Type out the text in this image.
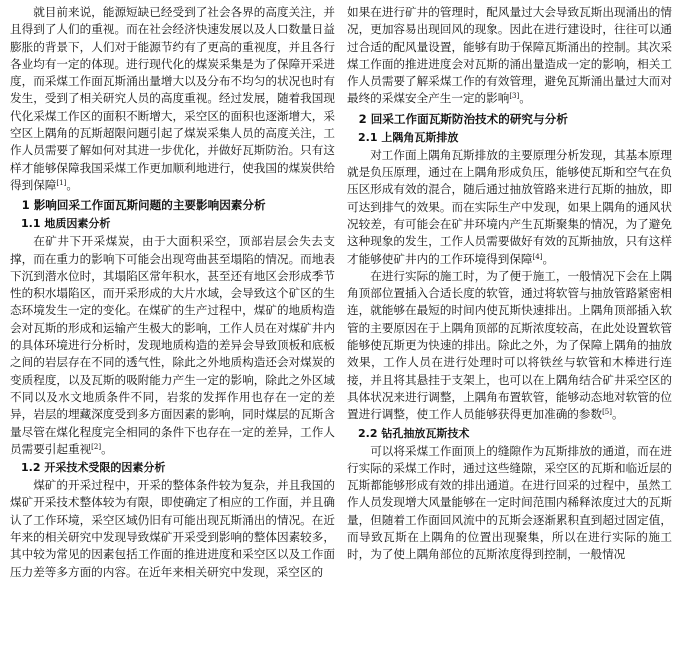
就目前来说，能源短缺已经受到了社会各界的高度关注，并且得到了人们的重视。而在社会经济快速发展以及人口数量日益膨胀的背景下，人们对于能源节约有了更高的重视度，并且各行各业均有一定的体现。进行现代化的煤炭采集是为了保障开采进度，而采煤工作面瓦斯涌出量增大以及分布不均匀的状况也时有发生，受到了相关研究人员的高度重视。经过发展，随着我国现代化采煤工作区的面积不断增大，采空区的面积也逐渐增大，采空区上隅角的瓦斯超限问题引起了煤炭采集人员的高度关注，工作人员需要了解如何对其进一步优化，并做好瓦斯防治。只有这样才能够保障我国采煤工作更加顺利地进行，使我国的煤炭供给得到保障[1]。

1 影响回采工作面瓦斯问题的主要影响因素分析
1.1 地质因素分析

在矿井下开采煤炭，由于大面积采空，顶部岩层会失去支撑，而在重力的影响下可能会出现弯曲甚至塌陷的情况。而地表下沉到潜水位时，其塌陷区常年积水，甚至还有地区会形成季节性的积水塌陷区，而开采形成的大片水域，会导致这个矿区的生态环境发生一定的变化。在煤矿的生产过程中，煤矿的地质构造会对瓦斯的形成和运输产生极大的影响，工作人员在对煤矿井内的具体环境进行分析时，发现地质构造的差异会导致顶板和底板之间的岩层存在不同的透气性，除此之外地质构造还会对煤炭的变质程度，以及瓦斯的吸附能力产生一定的影响，除此之外区域不同以及水文地质条件不同，岩浆的发挥作用也存在一定的差异，岩层的埋藏深度受到多方面因素的影响，同时煤层的瓦斯含量尽管在煤化程度完全相同的条件下也存在一定的差异，工作人员需要引起重视[2]。

1.2 开采技术受限的因素分析

煤矿的开采过程中，开采的整体条件较为复杂，并且我国的煤矿开采技术整体较为有限，即使确定了相应的工作面，并且确认了工作环境，采空区域仍旧有可能出现瓦斯涌出的情况。在近年来的相关研究中发现导致煤矿开采受到影响的整体因素较多，其中较为常见的因素包括工作面的推进进度和采空区以及工作面压力差等多方面的内容。在近年来相关研究中发现，采空区的

如果在进行矿井的管理时，配风量过大会导致瓦斯出现涌出的情况，更加容易出现回风的现象。因此在进行建设时，往往可以通过合适的配风量设置，能够有助于保障瓦斯涌出的控制。其次采煤工作面的推进进度会对瓦斯的涌出量造成一定的影响，相关工作人员需要了解采煤工作的有效管理，避免瓦斯涌出量过大而对最终的采煤安全产生一定的影响[3]。

2 回采工作面瓦斯防治技术的研究与分析
2.1 上隅角瓦斯排放

对工作面上隅角瓦斯排放的主要原理分析发现，其基本原理就是负压原理，通过在上隅角形成负压，能够使瓦斯和空气在负压区形成有效的混合，随后通过抽放管路来进行瓦斯的抽放，即可达到排气的效果。而在实际生产中发现，如果上隅角的通风状况较差，有可能会在矿井环境内产生瓦斯聚集的情况，为了避免这种现象的发生，工作人员需要做好有效的瓦斯抽放，只有这样才能够使矿井内的工作环境得到保障[4]。

在进行实际的施工时，为了便于施工，一般情况下会在上隅角顶部位置插入合适长度的软管，通过将软管与抽放管路紧密相连，就能够在最短的时间内使瓦斯快速排出。上隅角顶部插入软管的主要原因在于上隅角顶部的瓦斯浓度较高，在此处设置软管能够使瓦斯更为快速的排出。除此之外，为了保障上隅角的抽放效果，工作人员在进行处理时可以将铁丝与软管和木棒进行连接，并且将其悬挂于支架上，也可以在上隅角结合矿井采空区的具体状况来进行调整，上隅角布置软管，能够动态地对软管的位置进行调整，使工作人员能够获得更加准确的参数[5]。

2.2 钻孔抽放瓦斯技术

可以将采煤工作面顶上的缝隙作为瓦斯排放的通道，而在进行实际的采煤工作时，通过这些缝隙，采空区的瓦斯和临近层的瓦斯都能够形成有效的排出通道。在进行回采的过程中，虽然工作人员发现增大风量能够在一定时间范围内稀释浓度过大的瓦斯量，但随着工作面回风流中的瓦斯会逐渐累积直到超过固定值，而导致瓦斯在上隅角的位置出现聚集，所以在进行实际的施工时，为了使上隅角部位的瓦斯浓度得到控制，一般情况
